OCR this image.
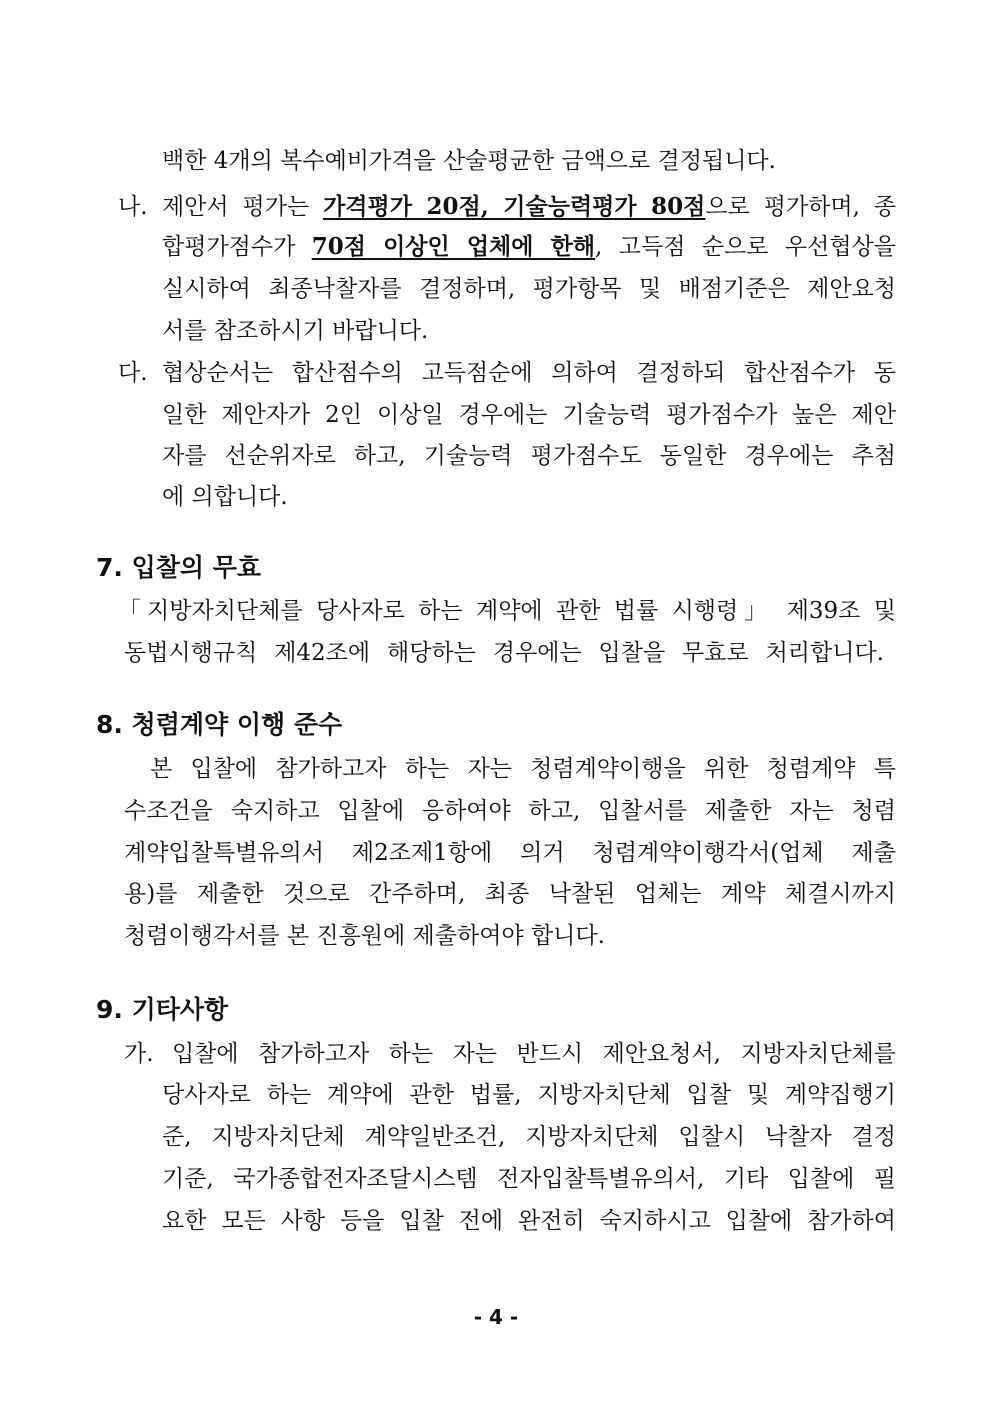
백한 4개의 복수예비가격을 산술평균한 금액으로 결정됩니다.
나. 제안서 평가는 가격평가 20점, 기술능력평가 80점으로 평가하며, 종
합평가점수가 70점 이상인 업체에 한해, 고득점 순으로 우선협상을
실시하여 최종낙찰자를 결정하며, 평가항목 및 배점기준은 제안요청
서를 참조하시기 바랍니다.
다. 협상순서는 합산점수의 고득점순에 의하여 결정하되 합산점수가 동
일한 제안자가 2인 이상일 경우에는 기술능력 평가점수가 높은 제안
자를 선순위자로 하고, 기술능력 평가점수도 동일한 경우에는 추첨
에 의합니다.
7. 입찰의 무효
「지방자치단체를 당사자로 하는 계약에 관한 법률 시행령」 제39조 및
동법시행규칙 제42조에 해당하는 경우에는 입찰을 무효로 처리합니다.
8. 청렴계약 이행 준수
본 입찰에 참가하고자 하는 자는 청렴계약이행을 위한 청렴계약 특
수조건을 숙지하고 입찰에 응하여야 하고, 입찰서를 제출한 자는 청렴
계약입찰특별유의서 제2조제1항에 의거 청렴계약이행각서(업체 제출
용)를 제출한 것으로 간주하며, 최종 낙찰된 업체는 계약 체결시까지
청렴이행각서를 본 진흥원에 제출하여야 합니다.
9. 기타사항
가. 입찰에 참가하고자 하는 자는 반드시 제안요청서, 지방자치단체를
당사자로 하는 계약에 관한 법률, 지방자치단체 입찰 및 계약집행기
준, 지방자치단체 계약일반조건, 지방자치단체 입찰시 낙찰자 결정
기준, 국가종합전자조달시스템 전자입찰특별유의서, 기타 입찰에 필
요한 모든 사항 등을 입찰 전에 완전히 숙지하시고 입찰에 참가하여
- 4 -
